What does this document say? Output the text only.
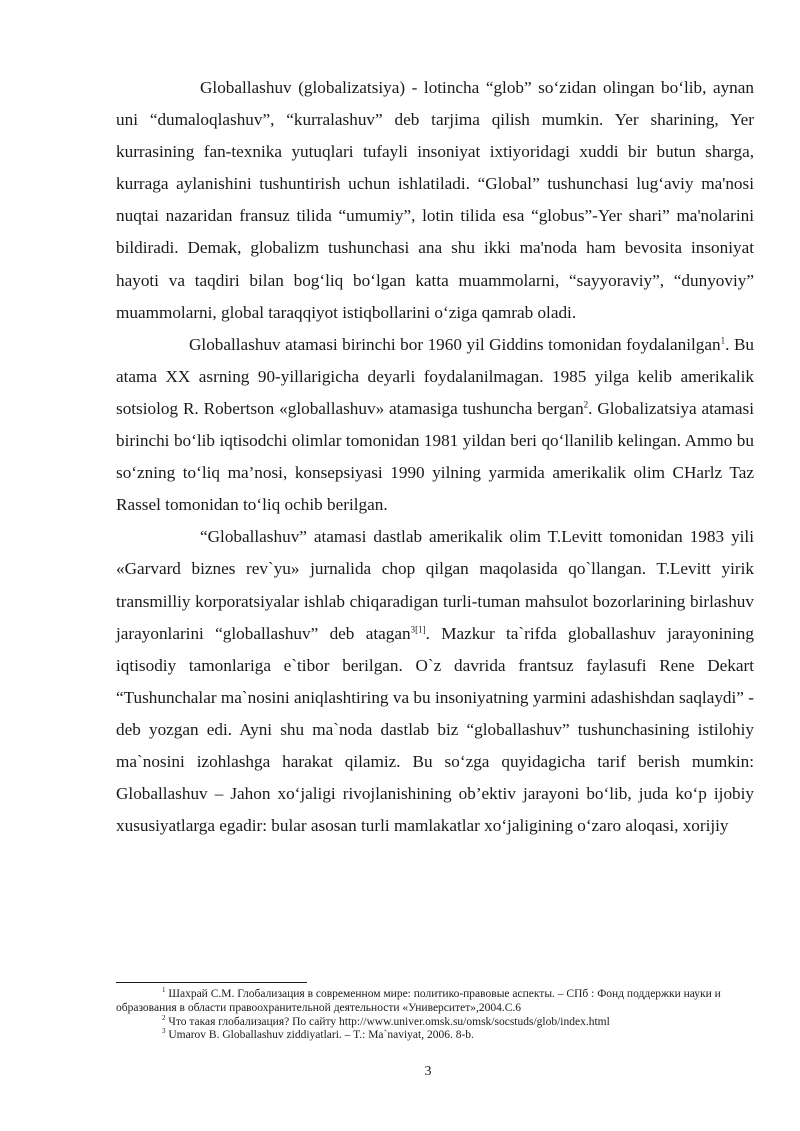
Globallashuv (globalizatsiya) - lotincha “glob” so‘zidan olingan bo‘lib, aynan uni “dumaloqlashuv”, “kurralashuv” deb tarjima qilish mumkin. Yer sharining, Yer kurrasining fan-texnika yutuqlari tufayli insoniyat ixtiyoridagi xuddi bir butun sharga, kurraga aylanishini tushuntirish uchun ishlatiladi. “Global” tushunchasi lug‘aviy ma'nosi nuqtai nazaridan fransuz tilida “umumiy”, lotin tilida esa “globus”-Yer shari” ma'nolarini bildiradi. Demak, globalizm tushunchasi ana shu ikki ma'noda ham bevosita insoniyat hayoti va taqdiri bilan bog‘liq bo‘lgan katta muammolarni, “sayyoraviy”, “dunyoviy” muammolarni, global taraqqiyot istiqbollarini o‘ziga qamrab oladi.

Globallashuv atamasi birinchi bor 1960 yil Giddins tomonidan foydalanilgan$^1$. Bu atama XX asrning 90-yillarigicha deyarli foydalanilmagan. 1985 yilga kelib amerikalik sotsiolog R. Robertson «globallashuv» atamasiga tushuncha bergan$^2$. Globalizatsiya atamasi birinchi bo‘lib iqtisodchi olimlar tomonidan 1981 yildan beri qo‘llanilib kelingan. Ammo bu so‘zning to‘liq ma’nosi, konsepsiyasi 1990 yilning yarmida amerikalik olim CHarlz Taz Rassel tomonidan to‘liq ochib berilgan.

“Globallashuv” atamasi dastlab amerikalik olim T.Levitt tomonidan 1983 yili «Garvard biznes rev`yu» jurnalida chop qilgan maqolasida qo`llangan. T.Levitt yirik transmilliy korporatsiyalar ishlab chiqaradigan turli-tuman mahsulot bozorlarining birlashuv jarayonlarini “globallashuv” deb atagan$^{3[1]}$. Mazkur ta`rifda globallashuv jarayonining iqtisodiy tamonlariga e`tibor berilgan. O`z davrida frantsuz faylasufi Rene Dekart “Tushunchalar ma`nosini aniqlashtiring va bu insoniyatning yarmini adashishdan saqlaydi” - deb yozgan edi. Ayni shu ma`noda dastlab biz “globallashuv” tushunchasining istilohiy ma`nosini izohlashga harakat qilamiz. Bu so‘zga quyidagicha tarif berish mumkin: Globallashuv – Jahon xo‘jaligi rivojlanishining ob’ektiv jarayoni bo‘lib, juda ko‘p ijobiy xususiyatlarga egadir: bular asosan turli mamlakatlar xo‘jaligining o‘zaro aloqasi, xorijiy

$^1$ Шахрай С.М. Глобализация в современном мире: политико-правовые аспекты. – СПб : Фонд поддержки науки и образования в области правоохранительной деятельности «Университет»,2004.С.6

$^2$ Что такая глобализация? По сайту http://www.univer.omsk.su/omsk/socstuds/glob/index.html

$^3$ Umarov B. Globallashuv ziddiyatlari. – T.: Ma`naviyat, 2006. 8-b.

3
